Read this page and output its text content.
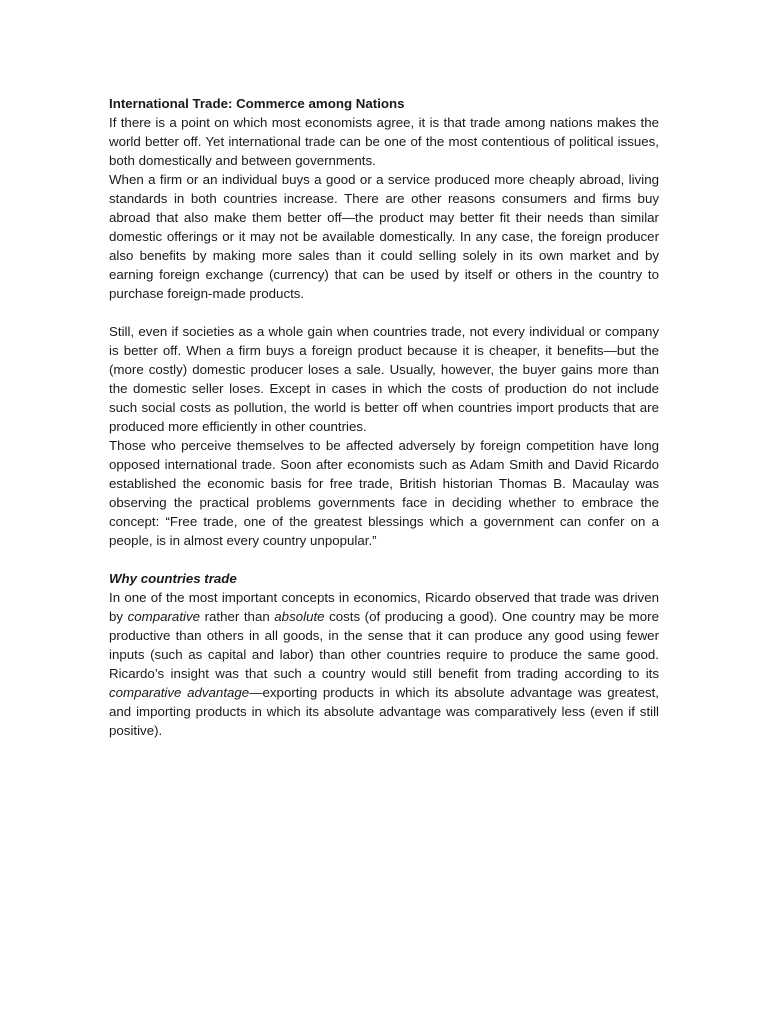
International Trade: Commerce among Nations

If there is a point on which most economists agree, it is that trade among nations makes the world better off. Yet international trade can be one of the most contentious of political issues, both domestically and between governments.

When a firm or an individual buys a good or a service produced more cheaply abroad, living standards in both countries increase. There are other reasons consumers and firms buy abroad that also make them better off—the product may better fit their needs than similar domestic offerings or it may not be available domestically. In any case, the foreign producer also benefits by making more sales than it could selling solely in its own market and by earning foreign exchange (currency) that can be used by itself or others in the country to purchase foreign-made products.

Still, even if societies as a whole gain when countries trade, not every individual or company is better off. When a firm buys a foreign product because it is cheaper, it benefits—but the (more costly) domestic producer loses a sale. Usually, however, the buyer gains more than the domestic seller loses. Except in cases in which the costs of production do not include such social costs as pollution, the world is better off when countries import products that are produced more efficiently in other countries.

Those who perceive themselves to be affected adversely by foreign competition have long opposed international trade. Soon after economists such as Adam Smith and David Ricardo established the economic basis for free trade, British historian Thomas B. Macaulay was observing the practical problems governments face in deciding whether to embrace the concept: “Free trade, one of the greatest blessings which a government can confer on a people, is in almost every country unpopular.”

Why countries trade

In one of the most important concepts in economics, Ricardo observed that trade was driven by comparative rather than absolute costs (of producing a good). One country may be more productive than others in all goods, in the sense that it can produce any good using fewer inputs (such as capital and labor) than other countries require to produce the same good. Ricardo’s insight was that such a country would still benefit from trading according to its comparative advantage—exporting products in which its absolute advantage was greatest, and importing products in which its absolute advantage was comparatively less (even if still positive).
